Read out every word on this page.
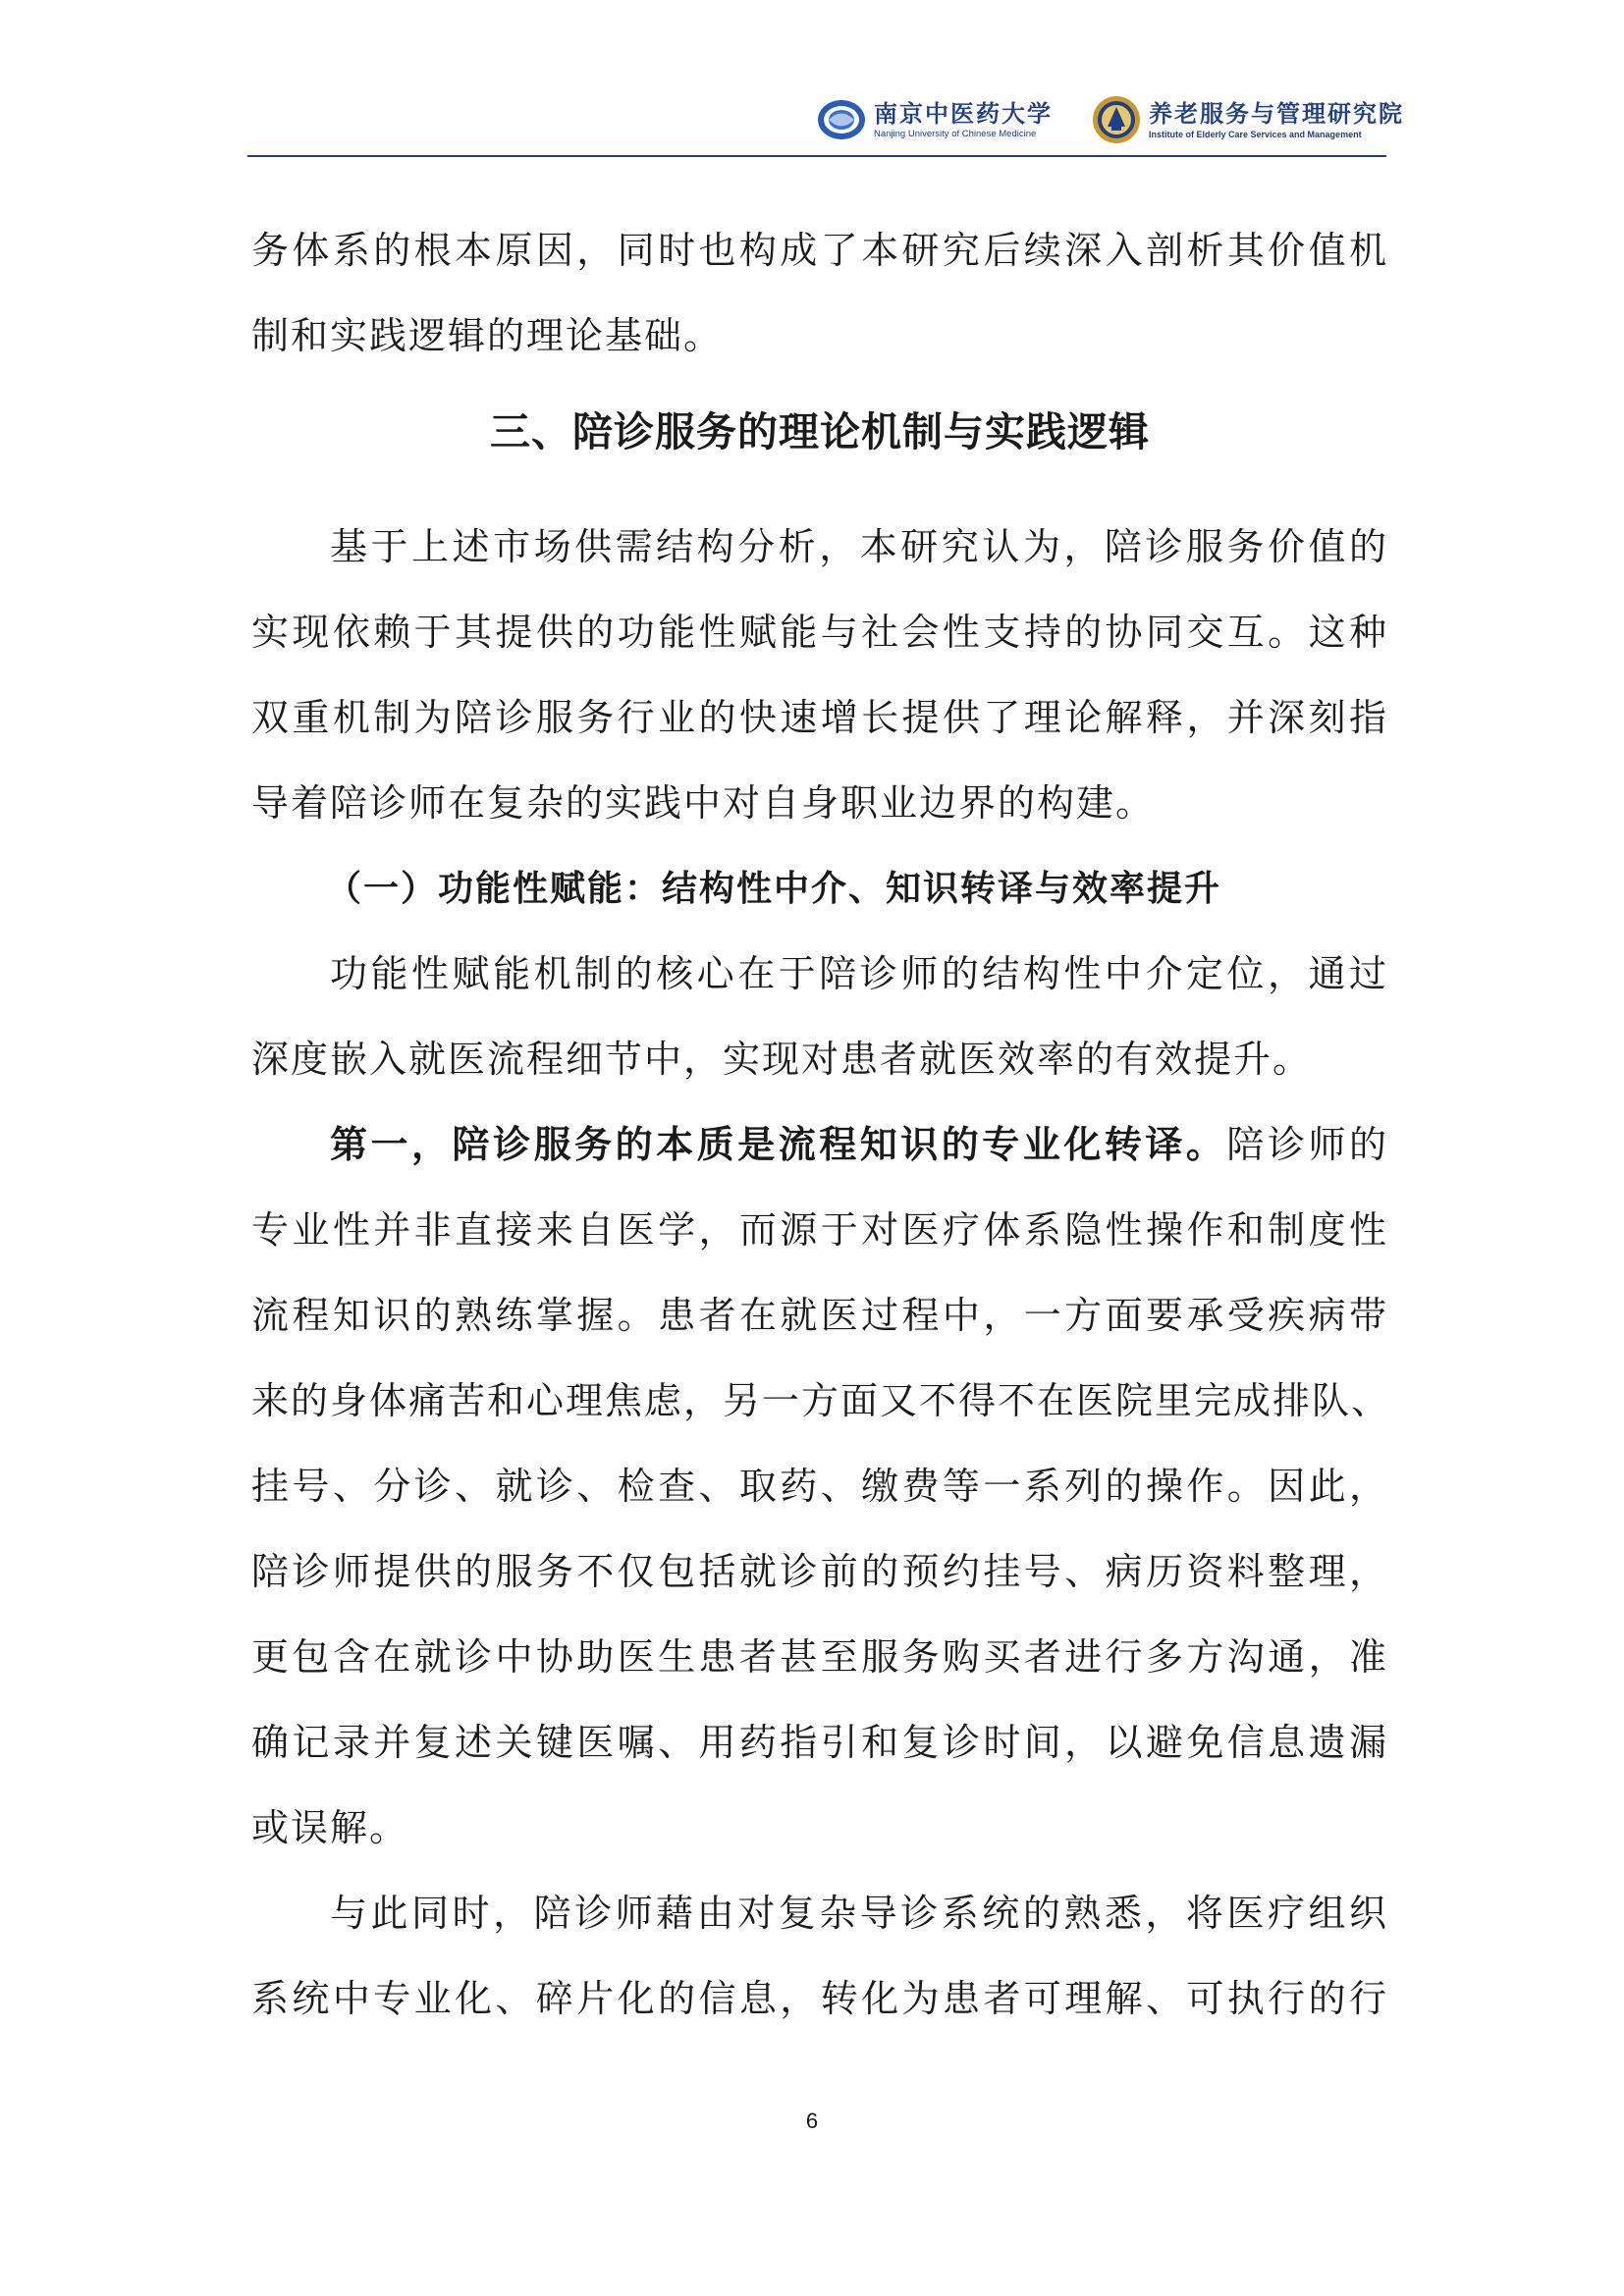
南京中医药大学
Nanjing University of Chinese Medicine
养老服务与管理研究院
Institute of Elderly Care Services and Management
务体系的根本原因，同时也构成了本研究后续深入剖析其价值机
制和实践逻辑的理论基础。
三、陪诊服务的理论机制与实践逻辑
基于上述市场供需结构分析，本研究认为，陪诊服务价值的
实现依赖于其提供的功能性赋能与社会性支持的协同交互。这种
双重机制为陪诊服务行业的快速增长提供了理论解释，并深刻指
导着陪诊师在复杂的实践中对自身职业边界的构建。
（一）功能性赋能：结构性中介、知识转译与效率提升
功能性赋能机制的核心在于陪诊师的结构性中介定位，通过
深度嵌入就医流程细节中，实现对患者就医效率的有效提升。
第一，陪诊服务的本质是流程知识的专业化转译。陪诊师的
专业性并非直接来自医学，而源于对医疗体系隐性操作和制度性
流程知识的熟练掌握。患者在就医过程中，一方面要承受疾病带
来的身体痛苦和心理焦虑，另一方面又不得不在医院里完成排队、
挂号、分诊、就诊、检查、取药、缴费等一系列的操作。因此，
陪诊师提供的服务不仅包括就诊前的预约挂号、病历资料整理，
更包含在就诊中协助医生患者甚至服务购买者进行多方沟通，准
确记录并复述关键医嘱、用药指引和复诊时间，以避免信息遗漏
或误解。
与此同时，陪诊师藉由对复杂导诊系统的熟悉，将医疗组织
系统中专业化、碎片化的信息，转化为患者可理解、可执行的行
6
